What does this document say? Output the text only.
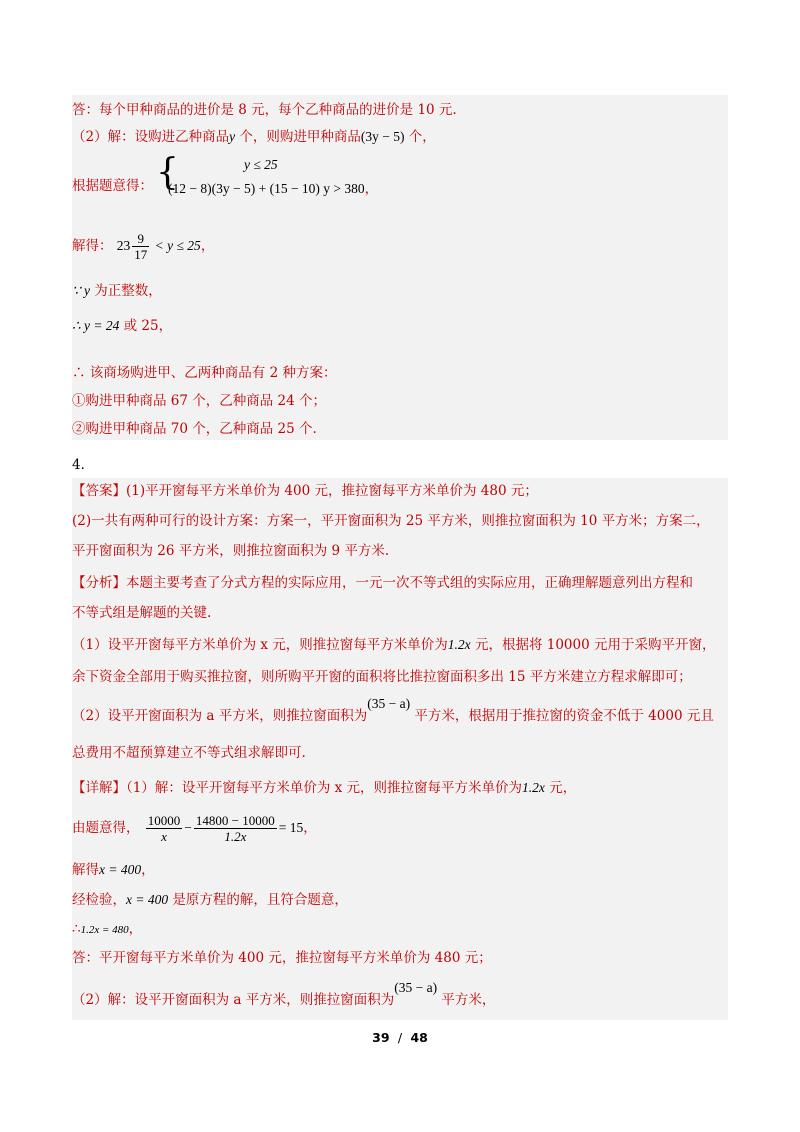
答：每个甲种商品的进价是 8 元，每个乙种商品的进价是 10 元.
（2）解：设购进乙种商品y 个，则购进甲种商品(3y − 5) 个，
根据题意得： {	y ≤ 25
(12 − 8)(3y − 5) + (15 − 10) y > 380，
解得： $23 \frac{9}{17} < y \le 25$，
∵ y 为正整数，
∴ y = 24 或 25，
∴ 该商场购进甲、乙两种商品有 2 种方案：
①购进甲种商品 67 个，乙种商品 24 个；
②购进甲种商品 70 个，乙种商品 25 个.
4．
【答案】(1)平开窗每平方米单价为 400 元，推拉窗每平方米单价为 480 元；
(2)一共有两种可行的设计方案：方案一，平开窗面积为 25 平方米，则推拉窗面积为 10 平方米；方案二，
平开窗面积为 26 平方米，则推拉窗面积为 9 平方米.
【分析】本题主要考查了分式方程的实际应用，一元一次不等式组的实际应用，正确理解题意列出方程和
不等式组是解题的关键.
（1）设平开窗每平方米单价为 x 元，则推拉窗每平方米单价为1.2x 元，根据将 10000 元用于采购平开窗，
余下资金全部用于购买推拉窗，则所购平开窗的面积将比推拉窗面积多出 15 平方米建立方程求解即可；
（2）设平开窗面积为 a 平方米，则推拉窗面积为(35 − a) 平方米，根据用于推拉窗的资金不低于 4000 元且
总费用不超预算建立不等式组求解即可.
【详解】（1）解：设平开窗每平方米单价为 x 元，则推拉窗每平方米单价为1.2x 元，
由题意得， $\frac{10000}{x} - \frac{14800 - 10000}{1.2x} = 15$，
解得x = 400，
经检验，x = 400 是原方程的解，且符合题意，
∴1.2x = 480，
答：平开窗每平方米单价为 400 元，推拉窗每平方米单价为 480 元；
（2）解：设平开窗面积为 a 平方米，则推拉窗面积为(35 − a) 平方米，
39 / 48
